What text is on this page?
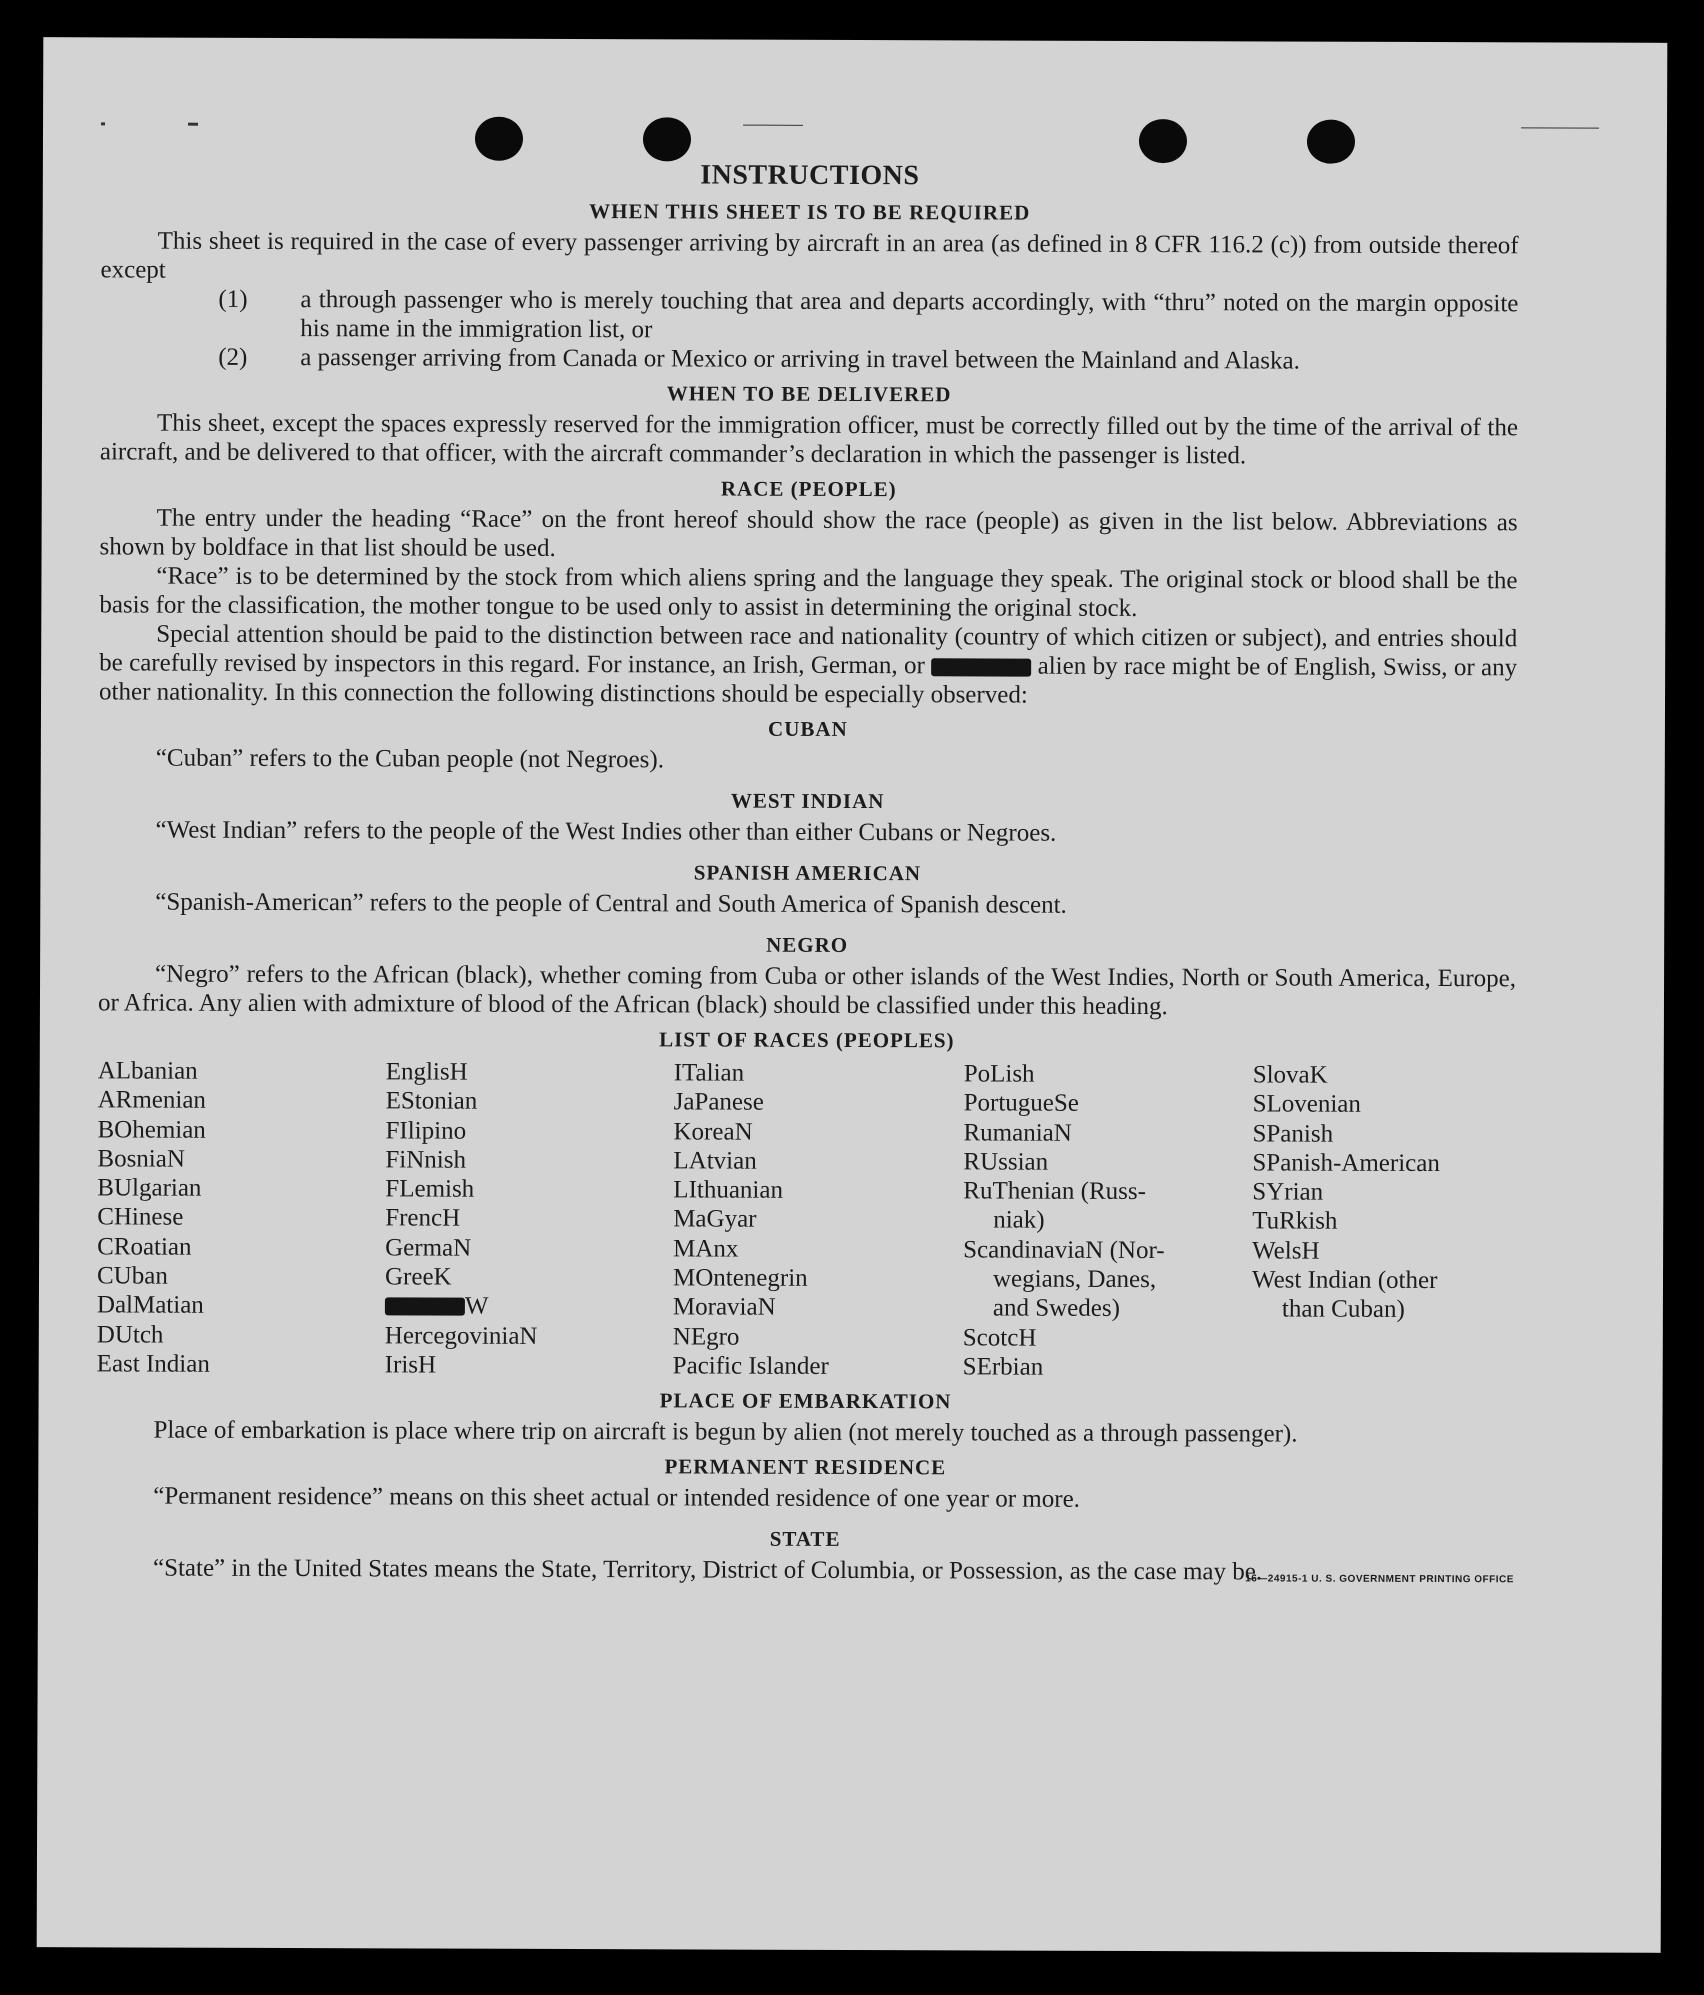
INSTRUCTIONS
WHEN THIS SHEET IS TO BE REQUIRED

This sheet is required in the case of every passenger arriving by aircraft in an area (as defined in 8 CFR 116.2 (c)) from outside thereof except

(1) a through passenger who is merely touching that area and departs accordingly, with “thru” noted on the margin opposite his name in the immigration list, or
(2) a passenger arriving from Canada or Mexico or arriving in travel between the Mainland and Alaska.
WHEN TO BE DELIVERED

This sheet, except the spaces expressly reserved for the immigration officer, must be correctly filled out by the time of the arrival of the aircraft, and be delivered to that officer, with the aircraft commander’s declaration in which the passenger is listed.

RACE (PEOPLE)

The entry under the heading “Race” on the front hereof should show the race (people) as given in the list below. Abbreviations as shown by boldface in that list should be used.

“Race” is to be determined by the stock from which aliens spring and the language they speak. The original stock or blood shall be the basis for the classification, the mother tongue to be used only to assist in determining the original stock.

Special attention should be paid to the distinction between race and nationality (country of which citizen or subject), and entries should be carefully revised by inspectors in this regard. For instance, an Irish, German, or	alien by race might be of English, Swiss, or any other nationality. In this connection the following distinctions should be especially observed:

CUBAN

“Cuban” refers to the Cuban people (not Negroes).

WEST INDIAN

“West Indian” refers to the people of the West Indies other than either Cubans or Negroes.

SPANISH AMERICAN

“Spanish-American” refers to the people of Central and South America of Spanish descent.

NEGRO

“Negro” refers to the African (black), whether coming from Cuba or other islands of the West Indies, North or South America, Europe, or Africa. Any alien with admixture of blood of the African (black) should be classified under this heading.

LIST OF RACES (PEOPLES)
ALbanian
ARmenian
BOhemian
BosniaN
BUlgarian
CHinese
CRoatian
CUban
DalMatian
DUtch
East Indian
EnglisH
EStonian
FIlipino
FiNnish
FLemish
FrencH
GermaN
GreeK
W
HercegoviniaN
IrisH
ITalian
JaPanese
KoreaN
LAtvian
LIthuanian
MaGyar
MAnx
MOntenegrin
MoraviaN
NEgro
Pacific Islander
PoLish
PortugueSe
RumaniaN
RUssian
RuThenian (Russ-
niak)
ScandinaviaN (Nor-
wegians, Danes,
and Swedes)
ScotcH
SErbian
SlovaK
SLovenian
SPanish
SPanish-American
SYrian
TuRkish
WelsH
West Indian (other
than Cuban)
PLACE OF EMBARKATION

Place of embarkation is place where trip on aircraft is begun by alien (not merely touched as a through passenger).

PERMANENT RESIDENCE

“Permanent residence” means on this sheet actual or intended residence of one year or more.

STATE

“State” in the United States means the State, Territory, District of Columbia, or Possession, as the case may be.

16—24915-1 U. S. GOVERNMENT PRINTING OFFICE
